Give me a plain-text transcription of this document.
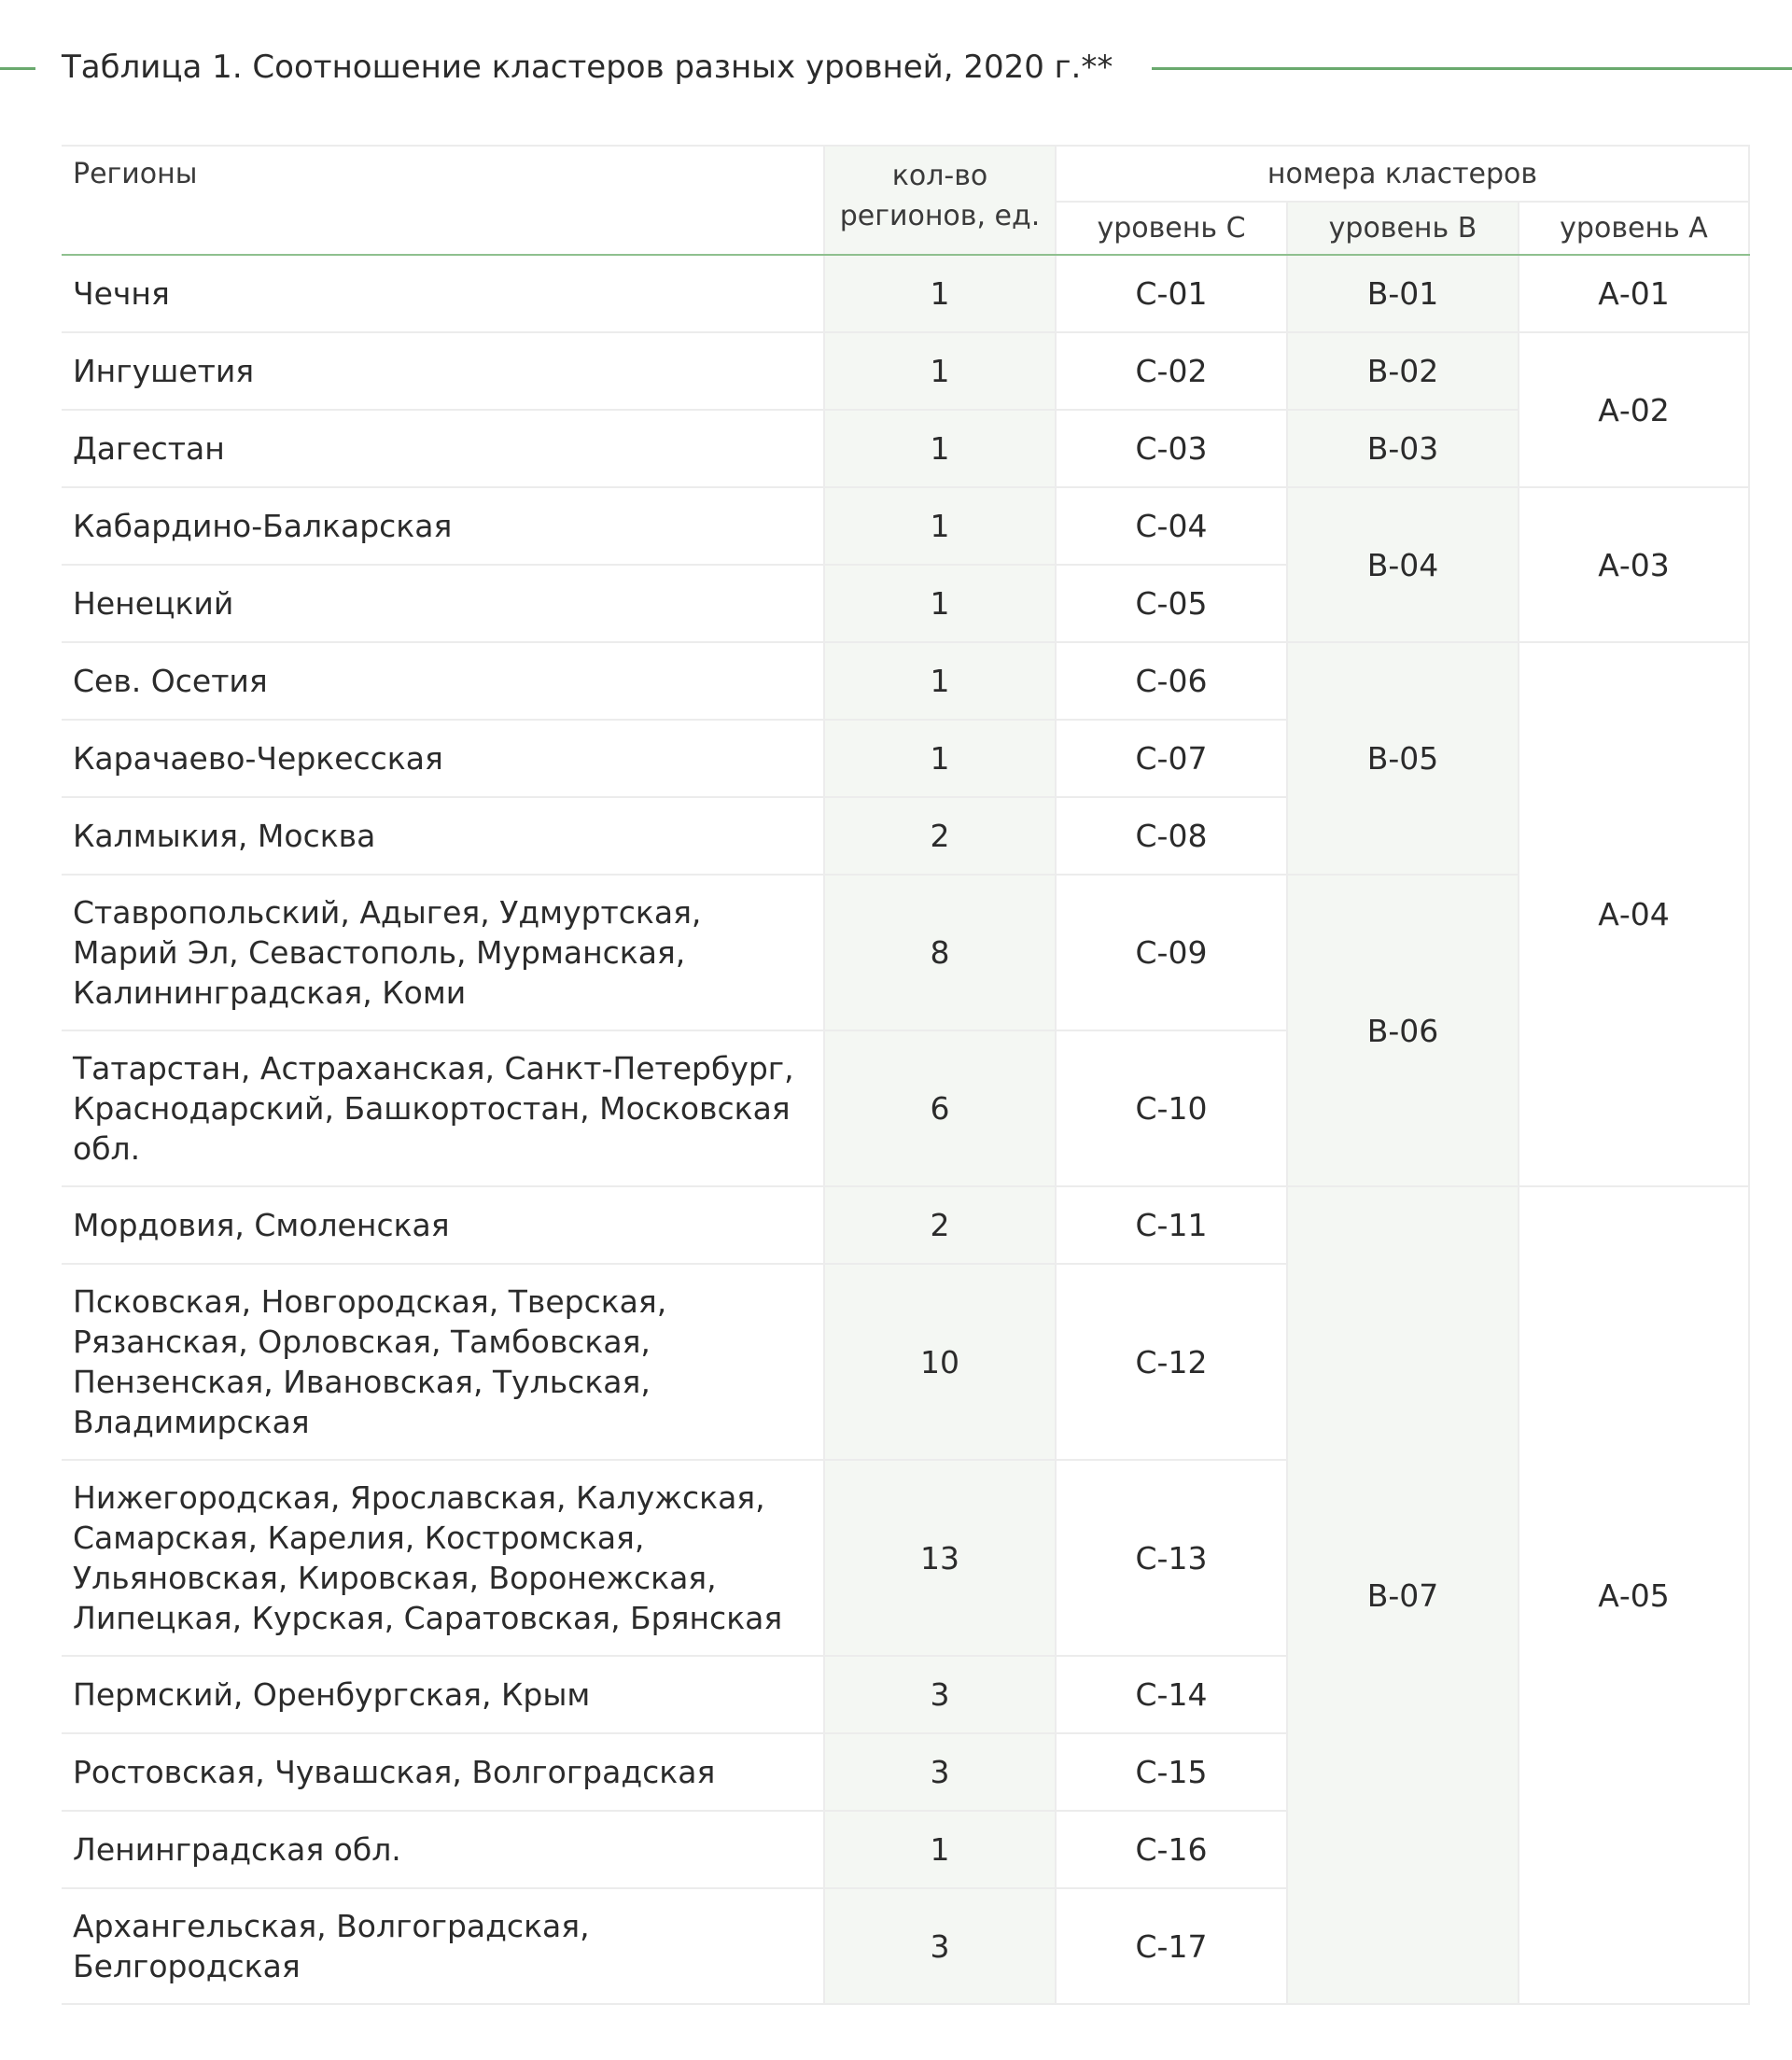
Таблица 1. Соотношение кластеров разных уровней, 2020 г.**
Регионы	кол-во регионов, ед.	номера кластеров		
		уровень С	уровень В	уровень А
Чечня	1	С-01	В-01	А-01
Ингушетия	1	С-02	В-02	А-02
Дагестан	1	С-03	В-03	
Кабардино-Балкарская	1	С-04	В-04	А-03
Ненецкий	1	С-05		
Сев. Осетия	1	С-06	В-05	А-04
Карачаево-Черкесская	1	С-07		
Калмыкия, Москва	2	С-08		
Ставропольский, Адыгея, Удмуртская, Марий Эл, Севастополь, Мурманская, Калининградская, Коми	8	С-09	В-06	
Татарстан, Астраханская, Санкт-Петербург, Краснодарский, Башкортостан, Московская обл.	6	С-10		
Мордовия, Смоленская	2	С-11	В-07	А-05
Псковская, Новгородская, Тверская, Рязанская, Орловская, Тамбовская, Пензенская, Ивановская, Тульская, Владимирская	10	С-12		
Нижегородская, Ярославская, Калужская, Самарская, Карелия, Костромская, Ульяновская, Кировская, Воронежская, Липецкая, Курская, Саратовская, Брянская	13	С-13		
Пермский, Оренбургская, Крым	3	С-14		
Ростовская, Чувашская, Волгоградская	3	С-15		
Ленинградская обл.	1	С-16		
Архангельская, Волгоградская, Белгородская	3	С-17		
